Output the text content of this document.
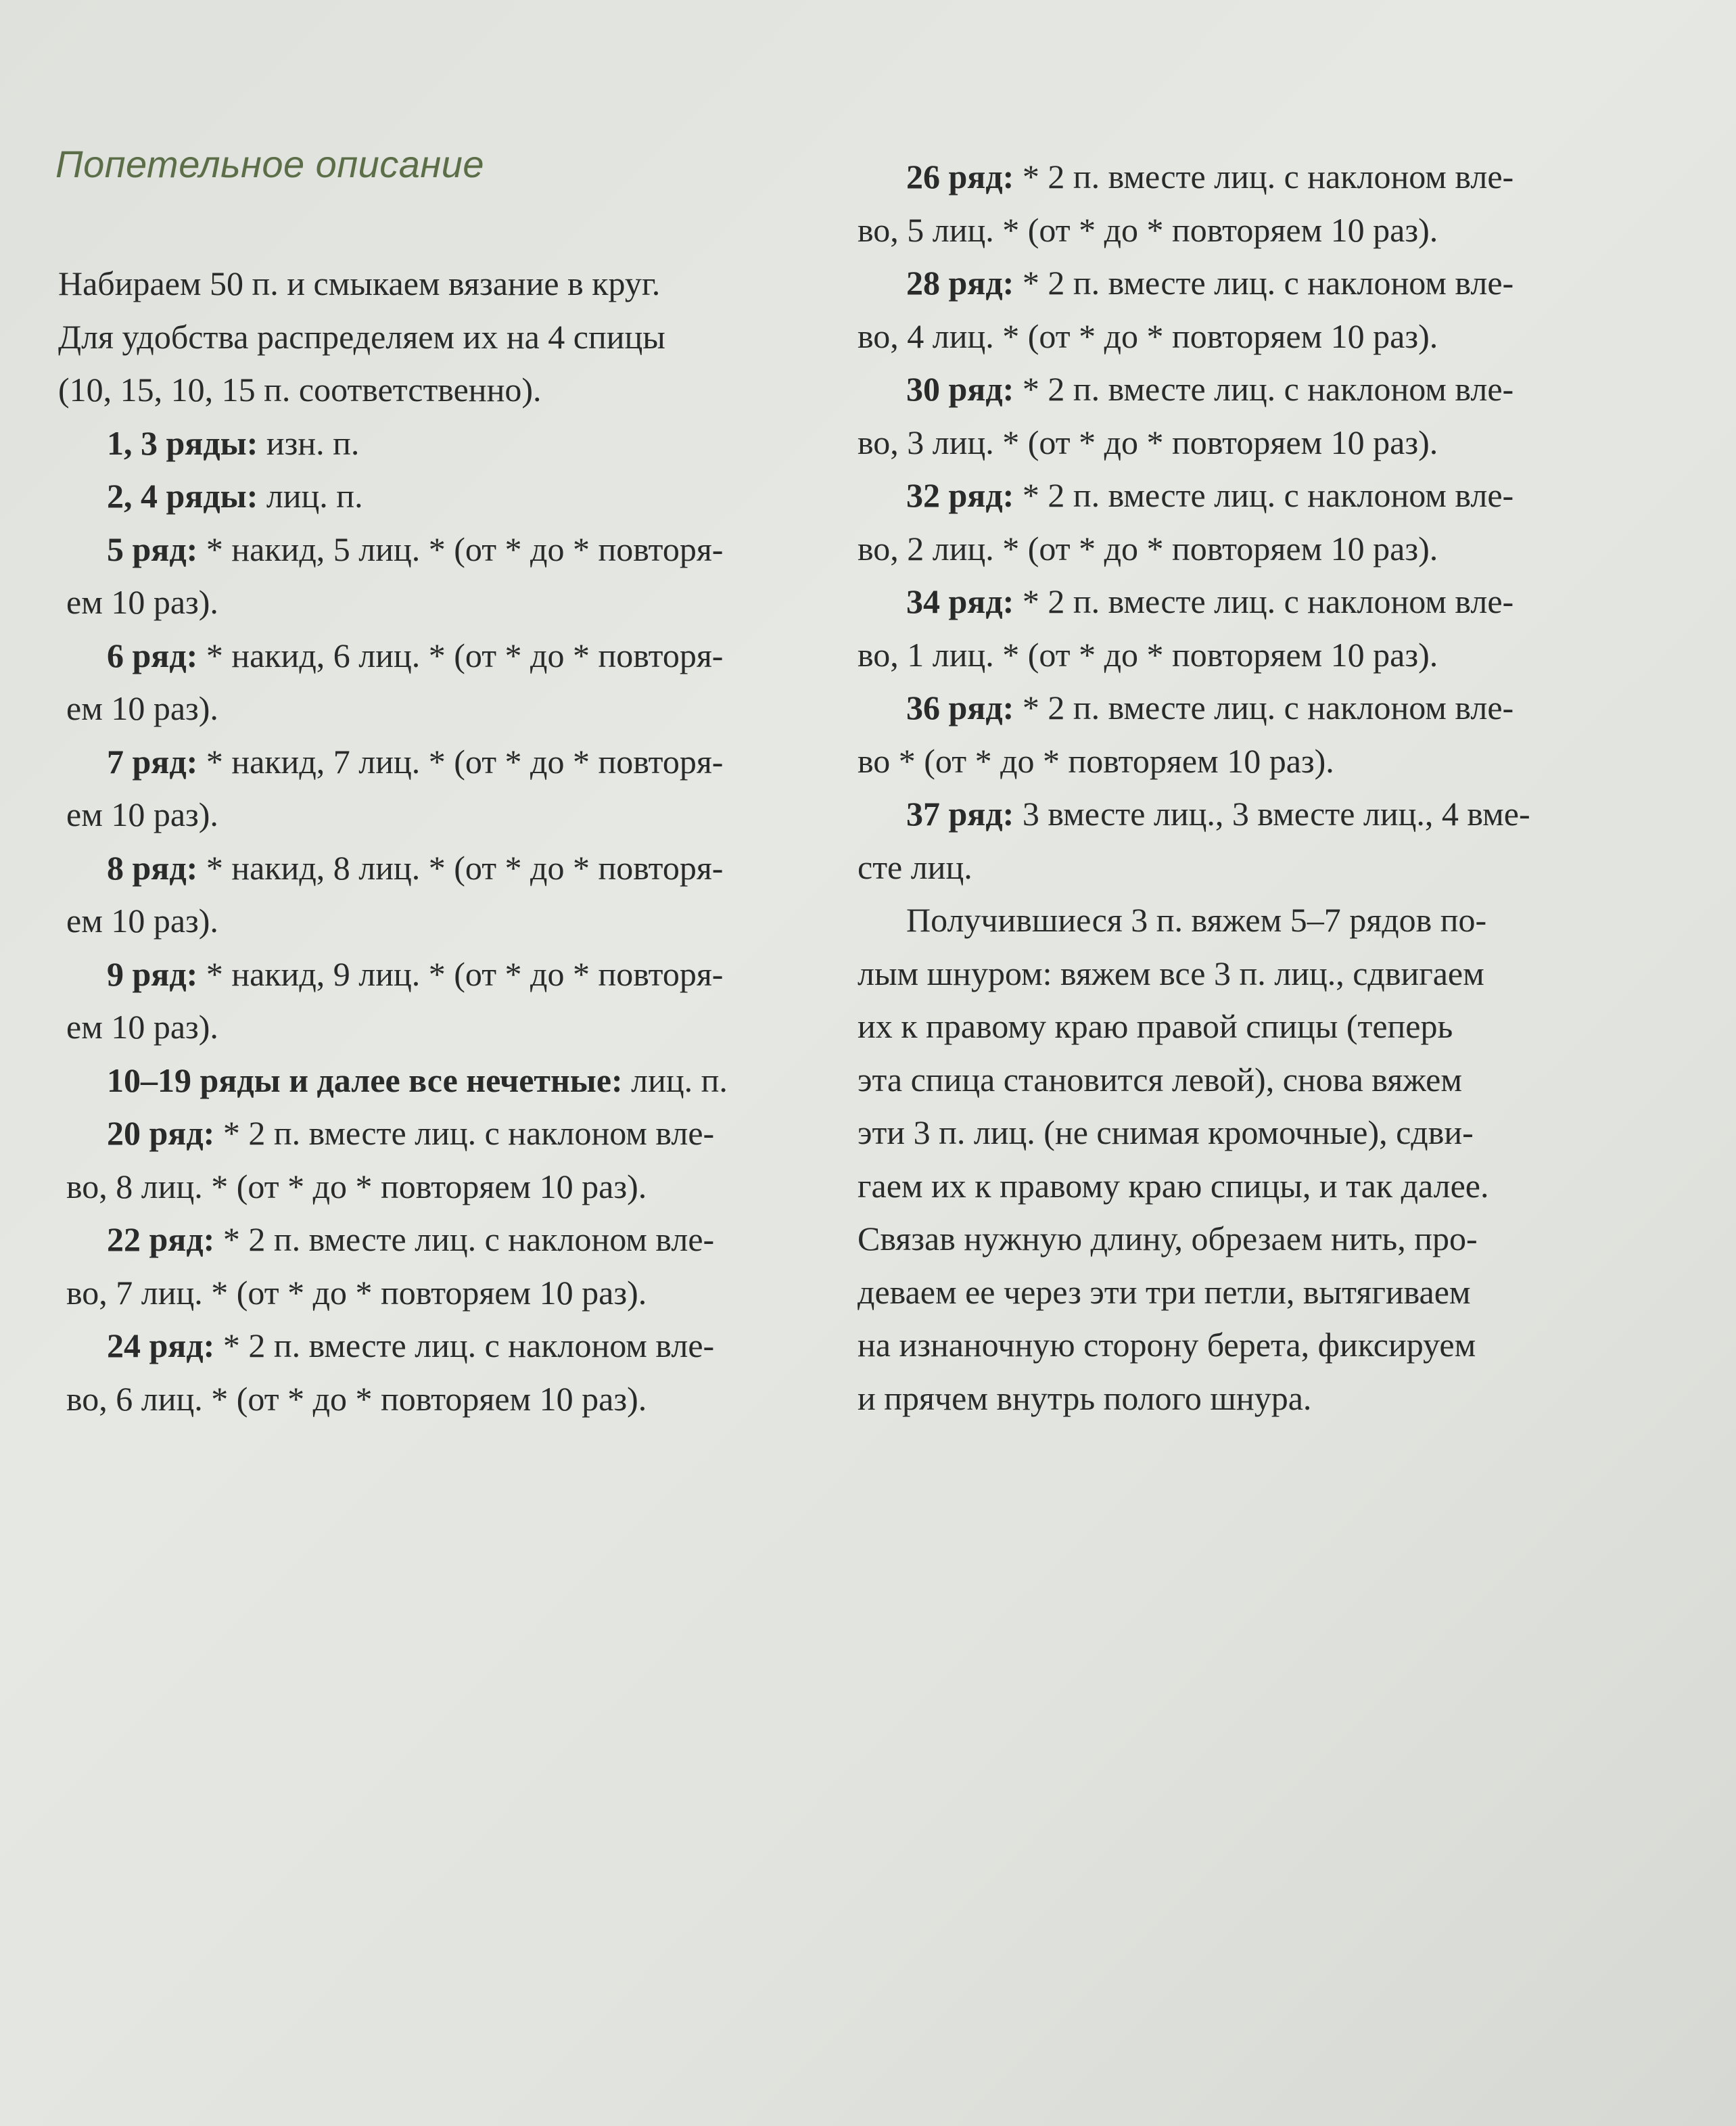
Попетельное описание

Набираем 50 п. и смыкаем вязание в круг.

Для удобства распределяем их на 4 спицы

(10, 15, 10, 15 п. соответственно).

1, 3 ряды: изн. п.

2, 4 ряды: лиц. п.

5 ряд: * накид, 5 лиц. * (от * до * повторя-

ем 10 раз).

6 ряд: * накид, 6 лиц. * (от * до * повторя-

ем 10 раз).

7 ряд: * накид, 7 лиц. * (от * до * повторя-

ем 10 раз).

8 ряд: * накид, 8 лиц. * (от * до * повторя-

ем 10 раз).

9 ряд: * накид, 9 лиц. * (от * до * повторя-

ем 10 раз).

10–19 ряды и далее все нечетные: лиц. п.

20 ряд: * 2 п. вместе лиц. с наклоном вле-

во, 8 лиц. * (от * до * повторяем 10 раз).

22 ряд: * 2 п. вместе лиц. с наклоном вле-

во, 7 лиц. * (от * до * повторяем 10 раз).

24 ряд: * 2 п. вместе лиц. с наклоном вле-

во, 6 лиц. * (от * до * повторяем 10 раз).

26 ряд: * 2 п. вместе лиц. с наклоном вле-

во, 5 лиц. * (от * до * повторяем 10 раз).

28 ряд: * 2 п. вместе лиц. с наклоном вле-

во, 4 лиц. * (от * до * повторяем 10 раз).

30 ряд: * 2 п. вместе лиц. с наклоном вле-

во, 3 лиц. * (от * до * повторяем 10 раз).

32 ряд: * 2 п. вместе лиц. с наклоном вле-

во, 2 лиц. * (от * до * повторяем 10 раз).

34 ряд: * 2 п. вместе лиц. с наклоном вле-

во, 1 лиц. * (от * до * повторяем 10 раз).

36 ряд: * 2 п. вместе лиц. с наклоном вле-

во * (от * до * повторяем 10 раз).

37 ряд: 3 вместе лиц., 3 вместе лиц., 4 вме-

сте лиц.

Получившиеся 3 п. вяжем 5–7 рядов по-

лым шнуром: вяжем все 3 п. лиц., сдвигаем

их к правому краю правой спицы (теперь

эта спица становится левой), снова вяжем

эти 3 п. лиц. (не снимая кромочные), сдви-

гаем их к правому краю спицы, и так далее.

Связав нужную длину, обрезаем нить, про-

деваем ее через эти три петли, вытягиваем

на изнаночную сторону берета, фиксируем

и прячем внутрь полого шнура.
